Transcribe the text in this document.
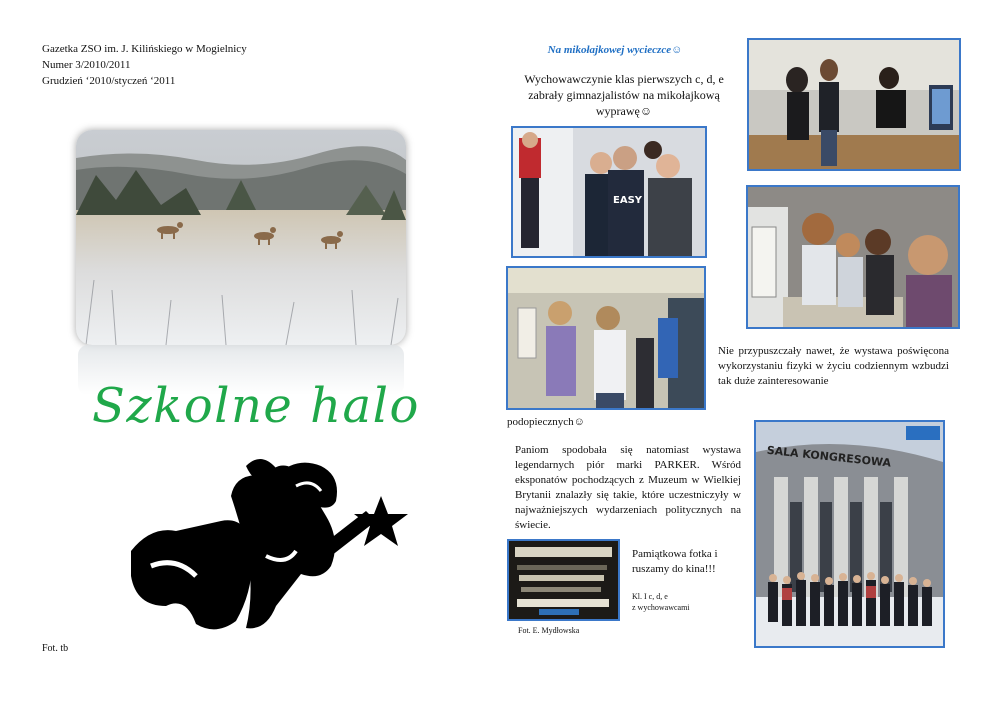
Gazetka ZSO im. J. Kilińskiego w Mogielnicy
Numer 3/2010/2011
Grudzień ‘2010/styczeń ‘2011
Szkolne halo
Fot. tb
Na mikołajkowej wycieczce☺
Wychowawczynie klas pierwszych c, d, e zabrały gimnazjalistów na mikołajkową wyprawę☺
EASY
Nie przypuszczały nawet, że wystawa poświęcona wykorzystaniu fizyki w życiu codziennym wzbudzi tak duże zainteresowanie
podopiecznych☺
Paniom spodobała się natomiast wystawa legendarnych piór marki PARKER. Wśród eksponatów pochodzących z Muzeum w Wielkiej Brytanii znalazły się takie, które uczestniczyły w najważniejszych wydarzeniach politycznych na świecie.
Pamiątkowa fotka i ruszamy do kina!!!
Kl. I c, d, e
z wychowawcami
Fot. E. Mydłowska
SALA KONGRESOWA
